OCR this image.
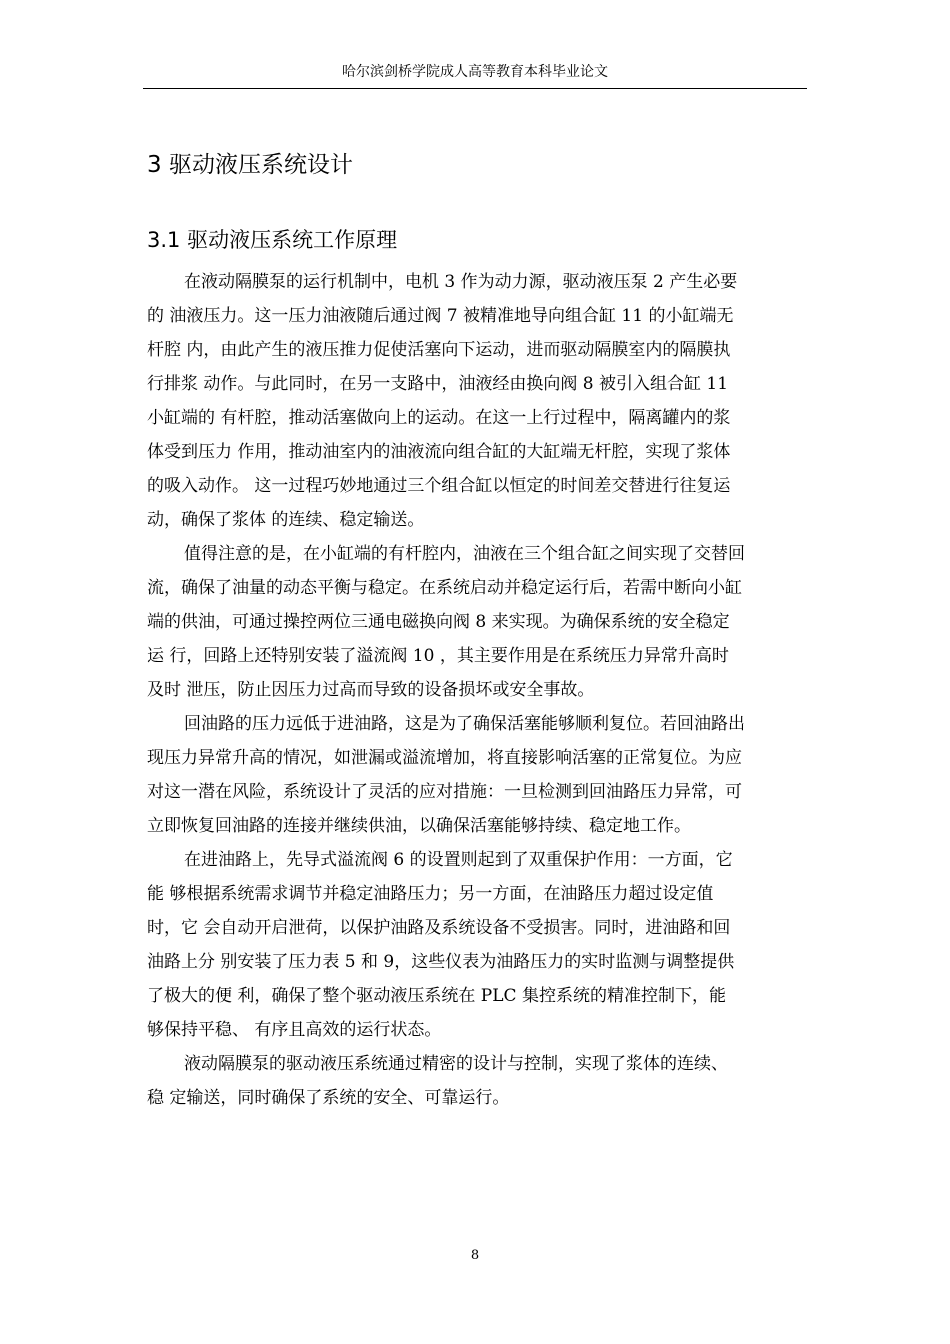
哈尔滨剑桥学院成人高等教育本科毕业论文
3 驱动液压系统设计
3.1 驱动液压系统工作原理

在液动隔膜泵的运行机制中，电机 3 作为动力源，驱动液压泵 2 产生必要
的 油液压力。这一压力油液随后通过阀 7 被精准地导向组合缸 11 的小缸端无
杆腔 内，由此产生的液压推力促使活塞向下运动，进而驱动隔膜室内的隔膜执
行排浆 动作。与此同时，在另一支路中，油液经由换向阀 8 被引入组合缸 11
小缸端的 有杆腔，推动活塞做向上的运动。在这一上行过程中，隔离罐内的浆
体受到压力 作用，推动油室内的油液流向组合缸的大缸端无杆腔，实现了浆体
的吸入动作。 这一过程巧妙地通过三个组合缸以恒定的时间差交替进行往复运
动，确保了浆体 的连续、稳定输送。

值得注意的是，在小缸端的有杆腔内，油液在三个组合缸之间实现了交替回
流，确保了油量的动态平衡与稳定。在系统启动并稳定运行后，若需中断向小缸
端的供油，可通过操控两位三通电磁换向阀 8 来实现。为确保系统的安全稳定
运 行，回路上还特别安装了溢流阀 10 ，其主要作用是在系统压力异常升高时
及时 泄压，防止因压力过高而导致的设备损坏或安全事故。

回油路的压力远低于进油路，这是为了确保活塞能够顺利复位。若回油路出
现压力异常升高的情况，如泄漏或溢流增加，将直接影响活塞的正常复位。为应
对这一潜在风险，系统设计了灵活的应对措施：一旦检测到回油路压力异常，可
立即恢复回油路的连接并继续供油，以确保活塞能够持续、稳定地工作。

在进油路上，先导式溢流阀 6 的设置则起到了双重保护作用：一方面，它
能 够根据系统需求调节并稳定油路压力；另一方面，在油路压力超过设定值
时，它 会自动开启泄荷，以保护油路及系统设备不受损害。同时，进油路和回
油路上分 别安装了压力表 5 和 9，这些仪表为油路压力的实时监测与调整提供
了极大的便 利，确保了整个驱动液压系统在 PLC 集控系统的精准控制下，能
够保持平稳、 有序且高效的运行状态。

液动隔膜泵的驱动液压系统通过精密的设计与控制，实现了浆体的连续、
稳 定输送，同时确保了系统的安全、可靠运行。

8
